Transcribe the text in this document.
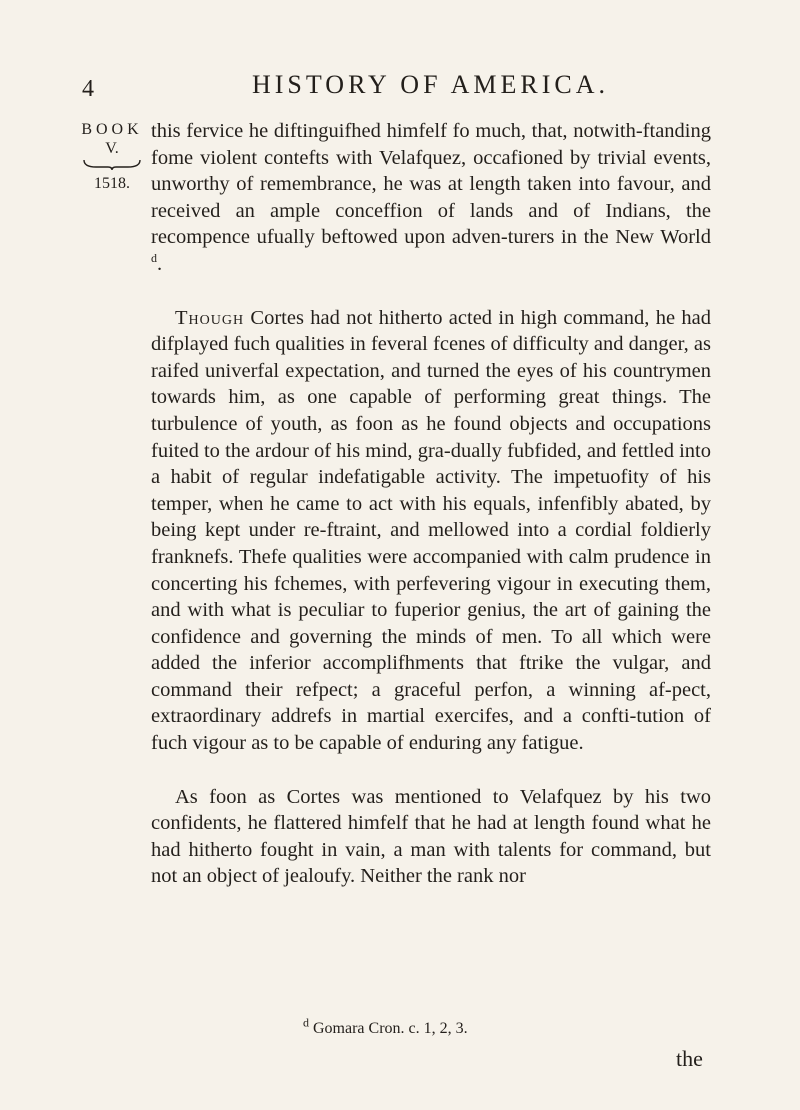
4	HISTORY OF AMERICA.
BOOK
V.
1518.

this fervice he diftinguifhed himfelf fo much, that, notwith-ftanding fome violent contefts with Velafquez, occafioned by trivial events, unworthy of remembrance, he was at length taken into favour, and received an ample conceffion of lands and of Indians, the recompence ufually beftowed upon adven-turers in the New World $^d$.

Though Cortes had not hitherto acted in high command, he had difplayed fuch qualities in feveral fcenes of difficulty and danger, as raifed univerfal expectation, and turned the eyes of his countrymen towards him, as one capable of performing great things. The turbulence of youth, as foon as he found objects and occupations fuited to the ardour of his mind, gra-dually fubfided, and fettled into a habit of regular indefatigable activity. The impetuofity of his temper, when he came to act with his equals, infenfibly abated, by being kept under re-ftraint, and mellowed into a cordial foldierly franknefs. Thefe qualities were accompanied with calm prudence in concerting his fchemes, with perfevering vigour in executing them, and with what is peculiar to fuperior genius, the art of gaining the confidence and governing the minds of men. To all which were added the inferior accomplifhments that ftrike the vulgar, and command their refpect; a graceful perfon, a winning af-pect, extraordinary addrefs in martial exercifes, and a confti-tution of fuch vigour as to be capable of enduring any fatigue.

As foon as Cortes was mentioned to Velafquez by his two confidents, he flattered himfelf that he had at length found what he had hitherto fought in vain, a man with talents for command, but not an object of jealoufy. Neither the rank nor

$^d$ Gomara Cron. c. 1, 2, 3.
the
